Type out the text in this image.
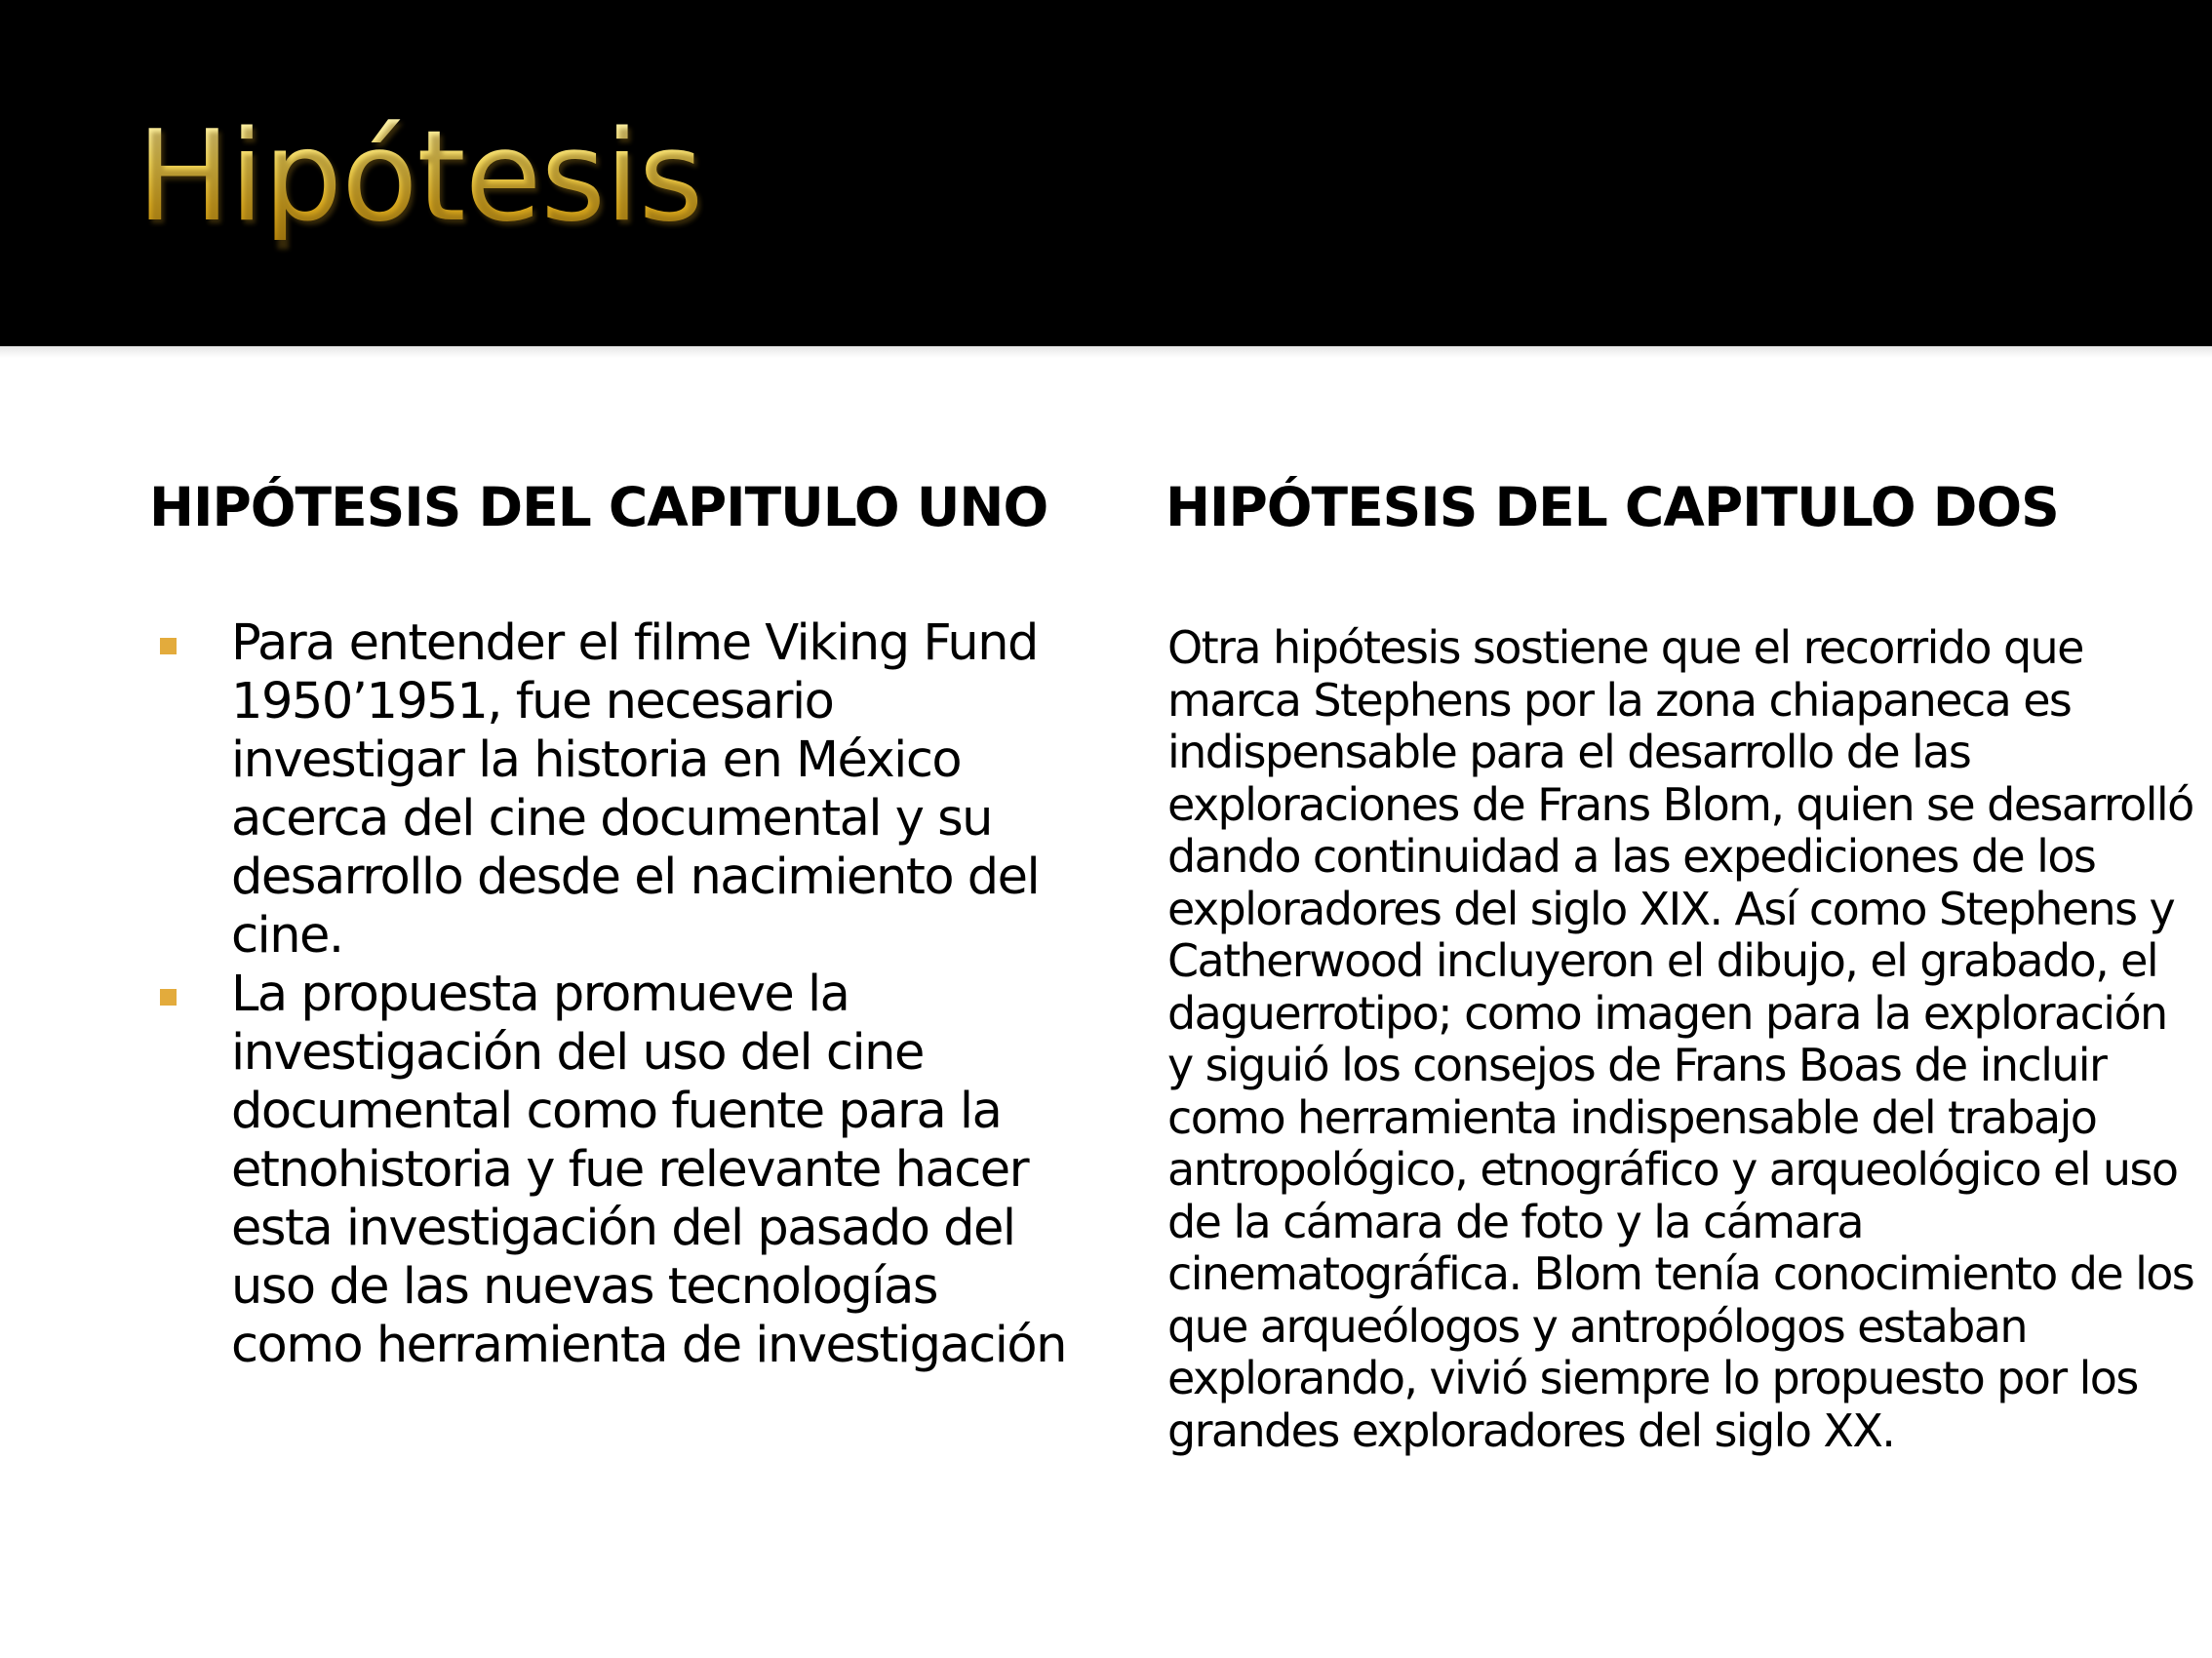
Hipótesis
HIPÓTESIS DEL CAPITULO UNO HIPÓTESIS DEL CAPITULO DOS
Para entender el filme Viking Fund 1950’1951, fue necesario investigar la historia en México acerca del cine documental y su desarrollo desde el nacimiento del cine.
La propuesta promueve la investigación del uso del cine documental como fuente para la etnohistoria y fue relevante hacer esta investigación del pasado del uso de las nuevas tecnologías como herramienta de investigación

Otra hipótesis sostiene que el recorrido que marca Stephens por la zona chiapaneca es indispensable para el desarrollo de las exploraciones de Frans Blom, quien se desarrolló dando continuidad a las expediciones de los exploradores del siglo XIX. Así como Stephens y Catherwood incluyeron el dibujo, el grabado, el daguerrotipo; como imagen para la exploración y siguió los consejos de Frans Boas de incluir como herramienta indispensable del trabajo antropológico, etnográfico y arqueológico el uso de la cámara de foto y la cámara cinematográfica. Blom tenía conocimiento de los que arqueólogos y antropólogos estaban explorando, vivió siempre lo propuesto por los grandes exploradores del siglo XX.
